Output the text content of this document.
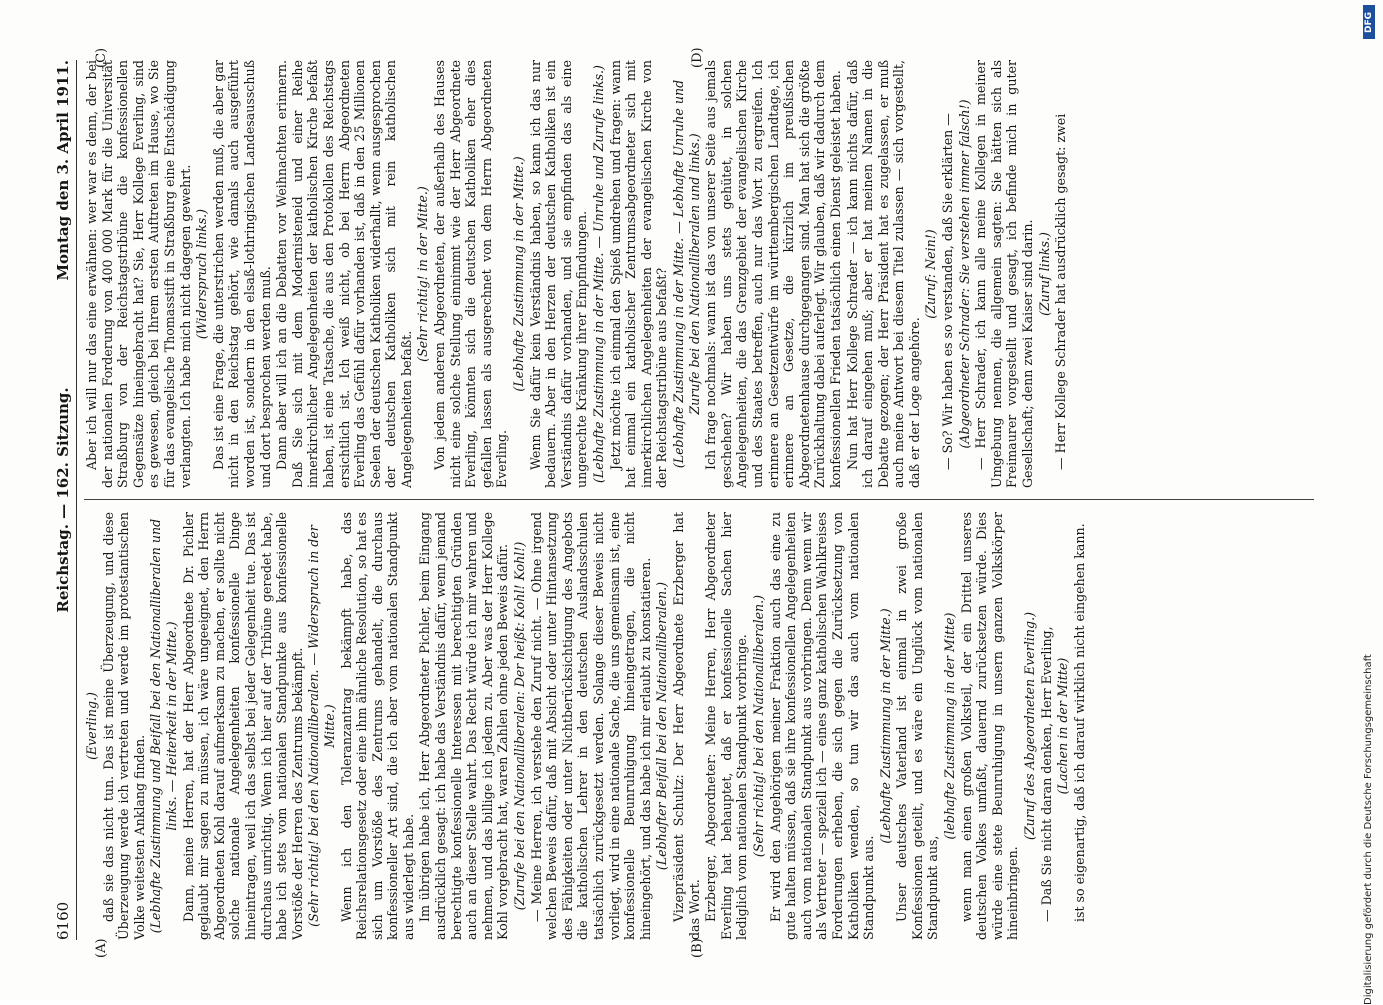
6160
Reichstag. — 162. Sitzung.
Montag den 3. April 1911.
(A)	(B)
(C)	(D)

(Everling.) daß sie das nicht tun. Das ist meine Überzeugung, und diese Überzeugung werde ich vertreten und werde im protestantischen Volke weitesten Anklang finden. (Lebhafte Zustimmung und Beifall bei den Nationalliberalen und links. — Heiterkeit in der Mitte.) Dann, meine Herren, hat der Herr Abgeordnete Dr. Pichler geglaubt mir sagen zu müssen, ich wäre ungeeignet, den Herrn Abgeordneten Kohl darauf aufmerksam zu machen, er sollte nicht solche nationale Angelegenheiten konfessionelle Dinge hineintragen, weil ich das selbst bei jeder Gelegenheit tue. Das ist durchaus unrichtig. Wenn ich hier auf der Tribüne geredet habe, habe ich stets vom nationalen Standpunkte aus konfessionelle Vorstöße der Herren des Zentrums bekämpft. (Sehr richtig! bei den Nationalliberalen. — Widerspruch in der Mitte.) Wenn ich den Toleranzantrag bekämpft habe, das Reichsrelationsgesetz oder eine ihm ähnliche Resolution, so hat es sich um Vorstöße des Zentrums gehandelt, die durchaus konfessioneller Art sind, die ich aber vom nationalen Standpunkt aus widerlegt habe. Im übrigen habe ich, Herr Abgeordneter Pichler, beim Eingang ausdrücklich gesagt: ich habe das Verständnis dafür, wenn jemand berechtigte konfessionelle Interessen mit berechtigten Gründen auch an dieser Stelle wahrt. Das Recht würde ich mir wahren und nehmen, und das billige ich jedem zu. Aber was der Herr Kollege Kohl vorgebracht hat, waren Zahlen ohne jeden Beweis dafür. (Zurufe bei den Nationalliberalen: Der heißt: Kohl! Kohl!) — Meine Herren, ich verstehe den Zuruf nicht. — Ohne irgend welchen Beweis dafür, daß mit Absicht oder unter Hintansetzung des Fähigkeiten oder unter Nichtberücksichtigung des Angebots die katholischen Lehrer in den deutschen Auslandsschulen tatsächlich zurückgesetzt werden. Solange dieser Beweis nicht vorliegt, wird in eine nationale Sache, die uns gemeinsam ist, eine konfessionelle Beunruhigung hineingetragen, die nicht hineingehört, und das habe ich mir erlaubt zu konstatieren. (Lebhafter Beifall bei den Nationalliberalen.) Vizepräsident Schultz: Der Herr Abgeordnete Erzberger hat das Wort. Erzberger, Abgeordneter: Meine Herren, Herr Abgeordneter Everling hat behauptet, daß er konfessionelle Sachen hier lediglich vom nationalen Standpunkt vorbringe. (Sehr richtig! bei den Nationalliberalen.) Er wird den Angehörigen meiner Fraktion auch das eine zu gute halten müssen, daß sie ihre konfessionellen Angelegenheiten auch vom nationalen Standpunkt aus vorbringen. Denn wenn wir als Vertreter — speziell ich — eines ganz katholischen Wahlkreises Forderungen erheben, die sich gegen die Zurücksetzung von Katholiken wenden, so tun wir das auch vom nationalen Standpunkt aus.

(Lebhafte Zustimmung in der Mitte.) Unser deutsches Vaterland ist einmal in zwei große Konfessionen geteilt, und es wäre ein Unglück vom nationalen Standpunkt aus,

(lebhafte Zustimmung in der Mitte) wenn man einen großen Volksteil, der ein Drittel unseres deutschen Volkes umfaßt, dauernd zurücksetzen würde. Dies würde eine stete Beunruhigung in unsern ganzen Volkskörper hineinbringen.

(Zuruf des Abgeordneten Everling.) — Daß Sie nicht daran denken, Herr Everling, (Lachen in der Mitte) ist so eigenartig, daß ich darauf wirklich nicht eingehen kann.

Aber ich will nur das eine erwähnen: wer war es denn, der bei der nationalen Forderung von 400 000 Mark für die Universität Straßburg von der Reichstagstribüne die konfessionellen Gegensätze hineingebracht hat? Sie, Herr Kollege Everling, sind es gewesen, gleich bei Ihrem ersten Auftreten im Hause, wo Sie für das evangelische Thomasstift in Straßburg eine Entschädigung verlangten. Ich habe mich nicht dagegen gewehrt. (Widerspruch links.) Das ist eine Frage, die unterstrichen werden muß, die aber gar nicht in den Reichstag gehört, wie damals auch ausgeführt worden ist, sondern in den elsaß-lothringischen Landesausschuß und dort besprochen werden muß. Dann aber will ich an die Debatten vor Weihnachten erinnern. Daß Sie sich mit dem Modernisteneid und einer Reihe innerkirchlicher Angelegenheiten der katholischen Kirche befaßt haben, ist eine Tatsache, die aus den Protokollen des Reichstags ersichtlich ist. Ich weiß nicht, ob bei Herrn Abgeordneten Everling das Gefühl dafür vorhanden ist, daß in den 25 Millionen Seelen der deutschen Katholiken widerhallt, wenn ausgesprochen der deutschen Katholiken sich mit rein katholischen Angelegenheiten befaßt.

(Sehr richtig! in der Mitte.) Von jedem anderen Abgeordneten, der außerhalb des Hauses nicht eine solche Stellung einnimmt wie der Herr Abgeordnete Everling, könnten sich die deutschen Katholiken eher dies gefallen lassen als ausgerechnet von dem Herrn Abgeordneten Everling.

(Lebhafte Zustimmung in der Mitte.) Wenn Sie dafür kein Verständnis haben, so kann ich das nur bedauern. Aber in den Herzen der deutschen Katholiken ist ein Verständnis dafür vorhanden, und sie empfinden das als eine ungerechte Kränkung ihrer Empfindungen. (Lebhafte Zustimmung in der Mitte. — Unruhe und Zurufe links.) Jetzt möchte ich einmal den Spieß umdrehen und fragen: wann hat einmal ein katholischer Zentrumsabgeordneter sich mit innerkirchlichen Angelegenheiten der evangelischen Kirche von der Reichstagstribüne aus befaßt? (Lebhafte Zustimmung in der Mitte. — Lebhafte Unruhe und Zurufe bei den Nationalliberalen und links.) Ich frage nochmals: wann ist das von unserer Seite aus jemals geschehen? Wir haben uns stets gehütet, in solchen Angelegenheiten, die das Grenzgebiet der evangelischen Kirche und des Staates betreffen, auch nur das Wort zu ergreifen. Ich erinnere an Gesetzentwürfe im württembergischen Landtage, ich erinnere an Gesetze, die kürzlich im preußischen Abgeordnetenhause durchgegangen sind. Man hat sich die größte Zurückhaltung dabei auferlegt. Wir glauben, daß wir dadurch dem konfessionellen Frieden tatsächlich einen Dienst geleistet haben. Nun hat Herr Kollege Schrader — ich kann nichts dafür, daß ich darauf eingehen muß; aber er hat meinen Namen in die Debatte gezogen; der Herr Präsident hat es zugelassen, er muß auch meine Antwort bei diesem Titel zulassen — sich vorgestellt, daß er der Loge angehöre.

(Zuruf: Nein!) — So? Wir haben es so verstanden, daß Sie erklärten — (Abgeordneter Schrader: Sie verstehen immer falsch!) — Herr Schrader, ich kann alle meine Kollegen in meiner Umgebung nennen, die allgemein sagten: Sie hätten sich als Freimaurer vorgestellt und gesagt, ich befinde mich in guter Gesellschaft; denn zwei Kaiser sind darin. (Zuruf links.) — Herr Kollege Schrader hat ausdrücklich gesagt: zwei

DFG
Digitalisierung gefördert durch die Deutsche Forschungsgemeinschaft
